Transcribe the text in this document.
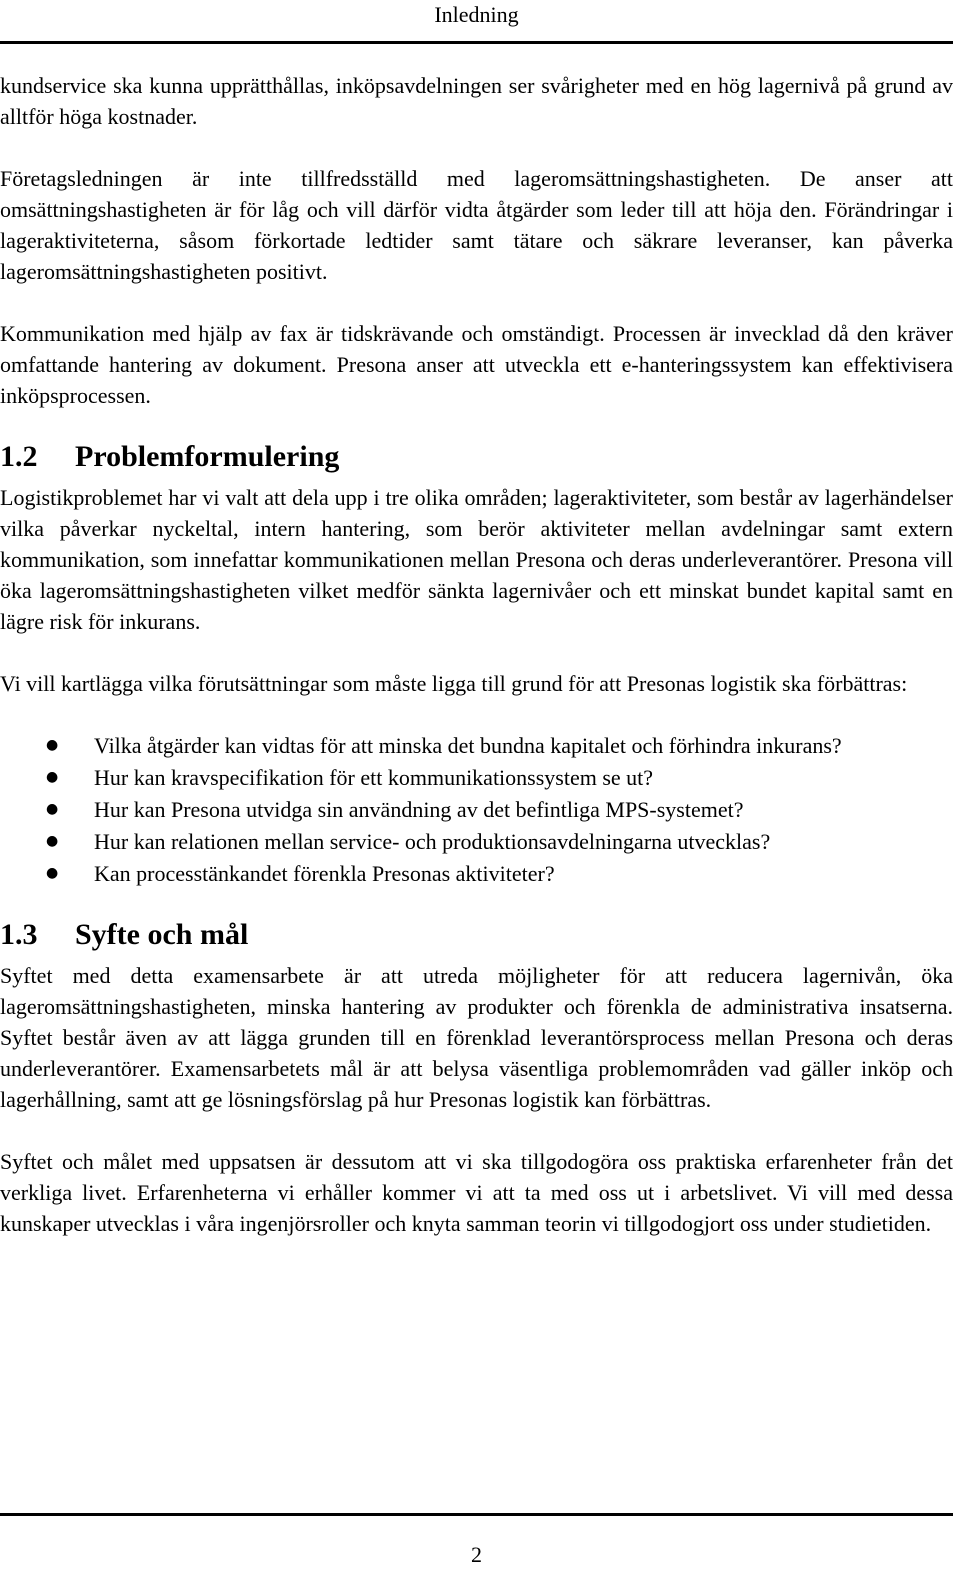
Inledning

kundservice ska kunna upprätthållas, inköpsavdelningen ser svårigheter med en hög lagernivå på grund av alltför höga kostnader.

Företagsledningen är inte tillfredsställd med lageromsättningshastigheten. De anser att omsättningshastigheten är för låg och vill därför vidta åtgärder som leder till att höja den. Förändringar i lageraktiviteterna, såsom förkortade ledtider samt tätare och säkrare leveranser, kan påverka lageromsättningshastigheten positivt.

Kommunikation med hjälp av fax är tidskrävande och omständigt. Processen är invecklad då den kräver omfattande hantering av dokument. Presona anser att utveckla ett e-hanteringssystem kan effektivisera inköpsprocessen.

1.2	Problemformulering

Logistikproblemet har vi valt att dela upp i tre olika områden; lageraktiviteter, som består av lagerhändelser vilka påverkar nyckeltal, intern hantering, som berör aktiviteter mellan avdelningar samt extern kommunikation, som innefattar kommunikationen mellan Presona och deras underleverantörer. Presona vill öka lageromsättningshastigheten vilket medför sänkta lagernivåer och ett minskat bundet kapital samt en lägre risk för inkurans.

Vi vill kartlägga vilka förutsättningar som måste ligga till grund för att Presonas logistik ska förbättras:

● Vilka åtgärder kan vidtas för att minska det bundna kapitalet och förhindra inkurans?
● Hur kan kravspecifikation för ett kommunikationssystem se ut?
● Hur kan Presona utvidga sin användning av det befintliga MPS-systemet?
● Hur kan relationen mellan service- och produktionsavdelningarna utvecklas?
● Kan processtänkandet förenkla Presonas aktiviteter?
1.3	Syfte och mål

Syftet med detta examensarbete är att utreda möjligheter för att reducera lagernivån, öka lageromsättningshastigheten, minska hantering av produkter och förenkla de administrativa insatserna. Syftet består även av att lägga grunden till en förenklad leverantörsprocess mellan Presona och deras underleverantörer. Examensarbetets mål är att belysa väsentliga problemområden vad gäller inköp och lagerhållning, samt att ge lösningsförslag på hur Presonas logistik kan förbättras.

Syftet och målet med uppsatsen är dessutom att vi ska tillgodogöra oss praktiska erfarenheter från det verkliga livet. Erfarenheterna vi erhåller kommer vi att ta med oss ut i arbetslivet. Vi vill med dessa kunskaper utvecklas i våra ingenjörsroller och knyta samman teorin vi tillgodogjort oss under studietiden.

2
